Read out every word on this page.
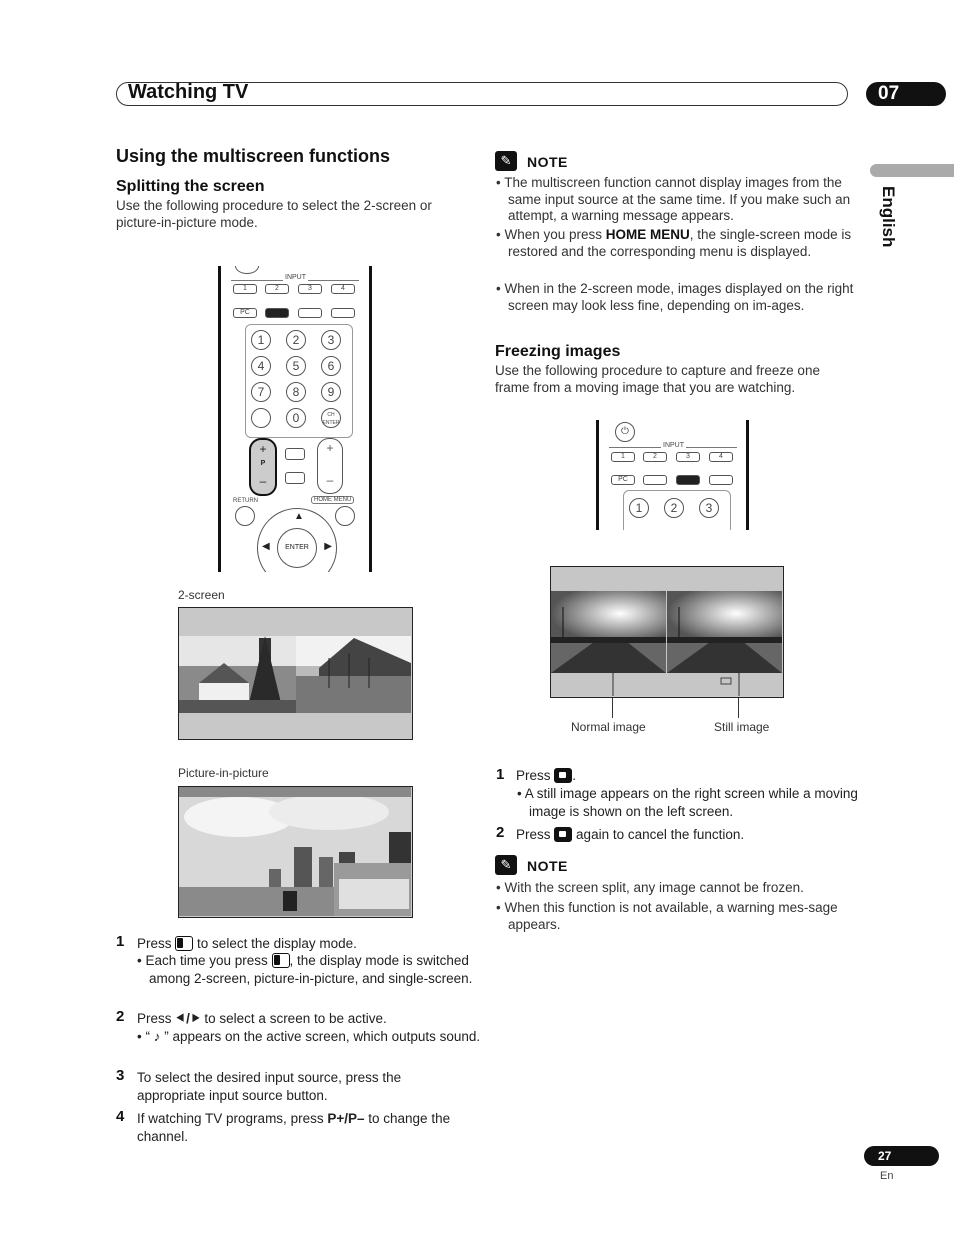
Watching TV	07
English
Using the multiscreen functions
Splitting the screen
Use the following procedure to select the 2-screen or picture-in-picture mode.
INPUT
1	2	3	4
PC
1	2	3
4	5	6
7	8	9
0	CH ENTER
+
P
–
+
–
RETURN	HOME MENU
▲
◀	▶
ENTER
2-screen
Picture-in-picture
1 Press to select the display mode.
• Each time you press , the display mode is switched among 2-screen, picture-in-picture, and single-screen.
2 Press ⯇/⯈ to select a screen to be active.
• “ ♪ ” appears on the active screen, which outputs sound.
3 To select the desired input source, press the appropriate input source button.
4 If watching TV programs, press P+/P– to change the channel.
✎	NOTE
• The multiscreen function cannot display images from the same input source at the same time. If you make such an attempt, a warning message appears.
• When you press HOME MENU, the single-screen mode is restored and the corresponding menu is displayed.
• When in the 2-screen mode, images displayed on the right screen may look less fine, depending on im-ages.
Freezing images
Use the following procedure to capture and freeze one frame from a moving image that you are watching.
⏻
INPUT
1	2	3	4
PC
1	2	3
Normal image	Still image
1 Press .
• A still image appears on the right screen while a moving image is shown on the left screen.
2 Press again to cancel the function.
✎	NOTE
• With the screen split, any image cannot be frozen.
• When this function is not available, a warning mes-sage appears.
27
En
